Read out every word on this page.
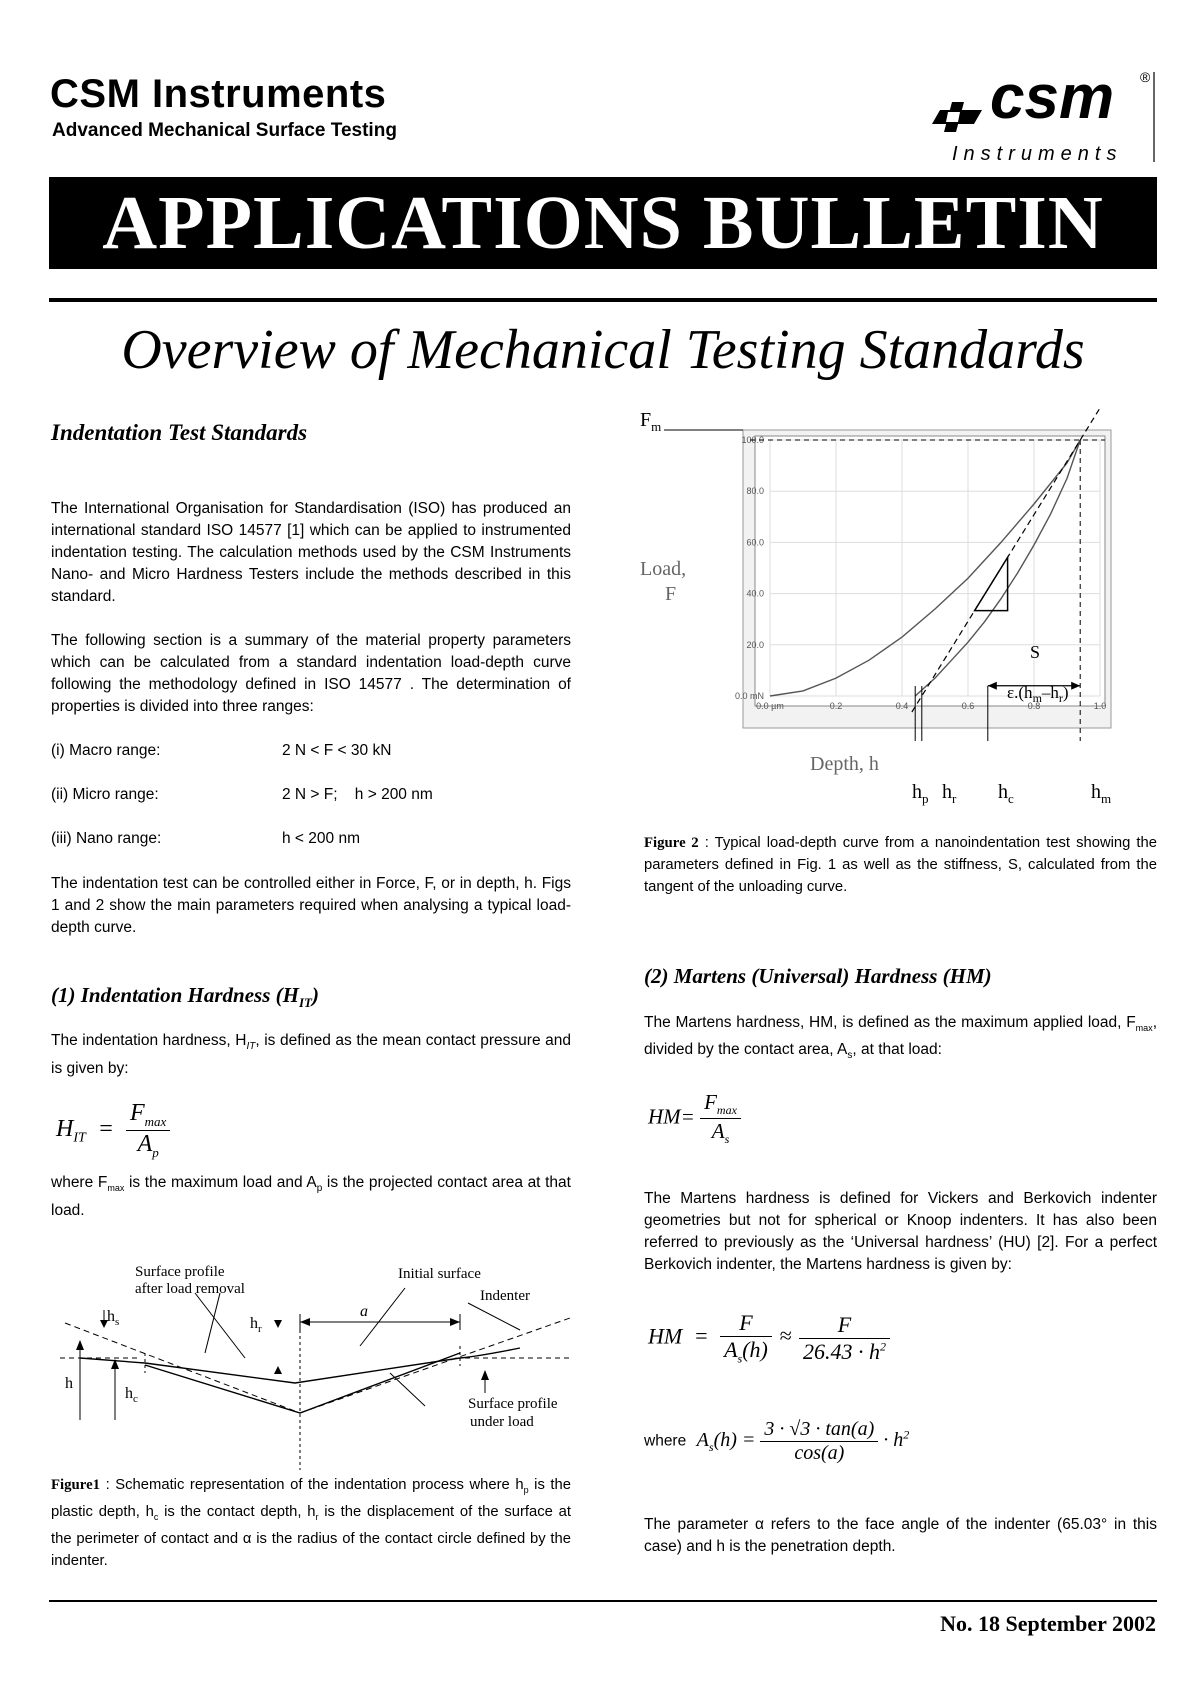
CSM Instruments
Advanced Mechanical Surface Testing	csm ®
Instruments
APPLICATIONS BULLETIN
Overview of Mechanical Testing Standards
Indentation Test Standards
The International Organisation for Standardisation (ISO) has produced an international standard ISO 14577 [1] which can be applied to instrumented indentation testing. The calculation methods used by the CSM Instruments Nano- and Micro Hardness Testers include the methods described in this standard.
The following section is a summary of the material property parameters which can be calculated from a standard indentation load-depth curve following the methodology defined in ISO 14577 . The determination of properties is divided into three ranges:
(i) Macro range:	2 N < F < 30 kN
(ii) Micro range:	2 N > F;    h > 200 nm
(iii) Nano range:	h < 200 nm
The indentation test can be controlled either in Force, F, or in depth, h. Figs 1 and 2 show the main parameters required when analysing a typical load-depth curve.
(1) Indentation Hardness $(H_{IT})$
The indentation hardness, $H_{IT}$, is defined as the mean contact pressure and is given by:
$H_{IT} = \frac{F_{max}}{A_p}$
where $F_{max}$ is the maximum load and $A_p$ is the projected contact area at that load.
Surface profile
after load removal
Initial surface
Indenter
Surface profile
under load
$h_s$	$h_r$
a
h
$h_c$
Figure1 : Schematic representation of the indentation process where $h_p$ is the plastic depth, $h_c$ is the contact depth, $h_r$ is the displacement of the surface at the perimeter of contact and α is the radius of the contact circle defined by the indenter.
0.0 mN
20.0
40.0
60.0
80.0
100.0
0.0 µm	0.2	0.4	0.6	0.8	1.0
$F_m$
Load,
F
Depth, h
S
$\varepsilon.(h_m-h_r)$
$h_p$ $h_r$ $h_c$	$h_m$
Figure 2 : Typical load-depth curve from a nanoindentation test showing the parameters defined in Fig. 1 as well as the stiffness, S, calculated from the tangent of the unloading curve.
(2) Martens (Universal) Hardness (HM)
The Martens hardness, HM, is defined as the maximum applied load, $F_{max}$, divided by the contact area, $A_s$, at that load:
$HM= \frac{F_{max}}{A_s}$
The Martens hardness is defined for Vickers and Berkovich indenter geometries but not for spherical or Knoop indenters. It has also been referred to previously as the ‘Universal hardness’ (HU) [2]. For a perfect Berkovich indenter, the Martens hardness is given by:
HM = $\frac{F}{A_s(h)} \approx \frac{F}{26.43 \cdot h^2}$
where $A_s(h) = \frac{3 \cdot √3 \cdot \tan(a)}{\cos(a)} \cdot h^2$
The parameter α refers to the face angle of the indenter (65.03° in this case) and h is the penetration depth.
No. 18 September 2002
